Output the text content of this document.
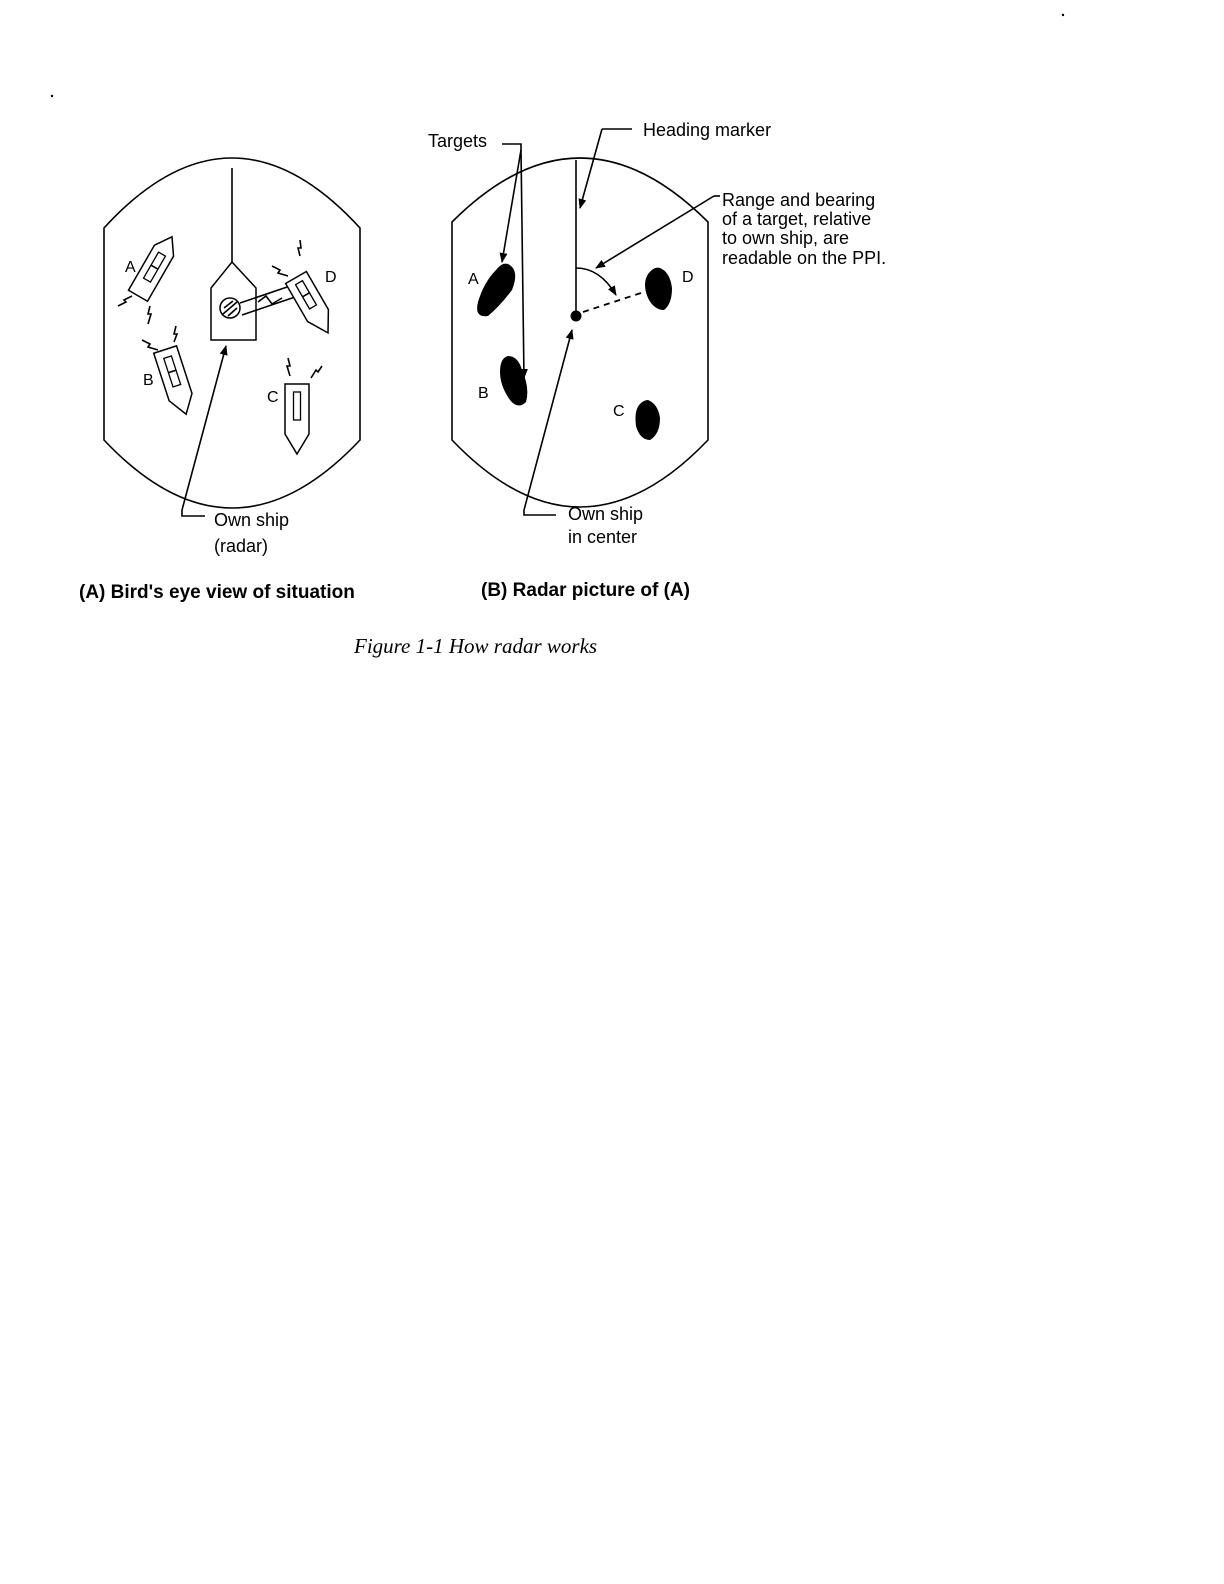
A
B
C
D
Own ship
(radar)
(A) Bird's eye view of situation
A
B
C
D
Targets
Heading marker
Range and bearing
of a target, relative
to own ship, are
readable on the PPI.
Own ship
in center
(B) Radar picture of (A)
Figure 1-1 How radar works
